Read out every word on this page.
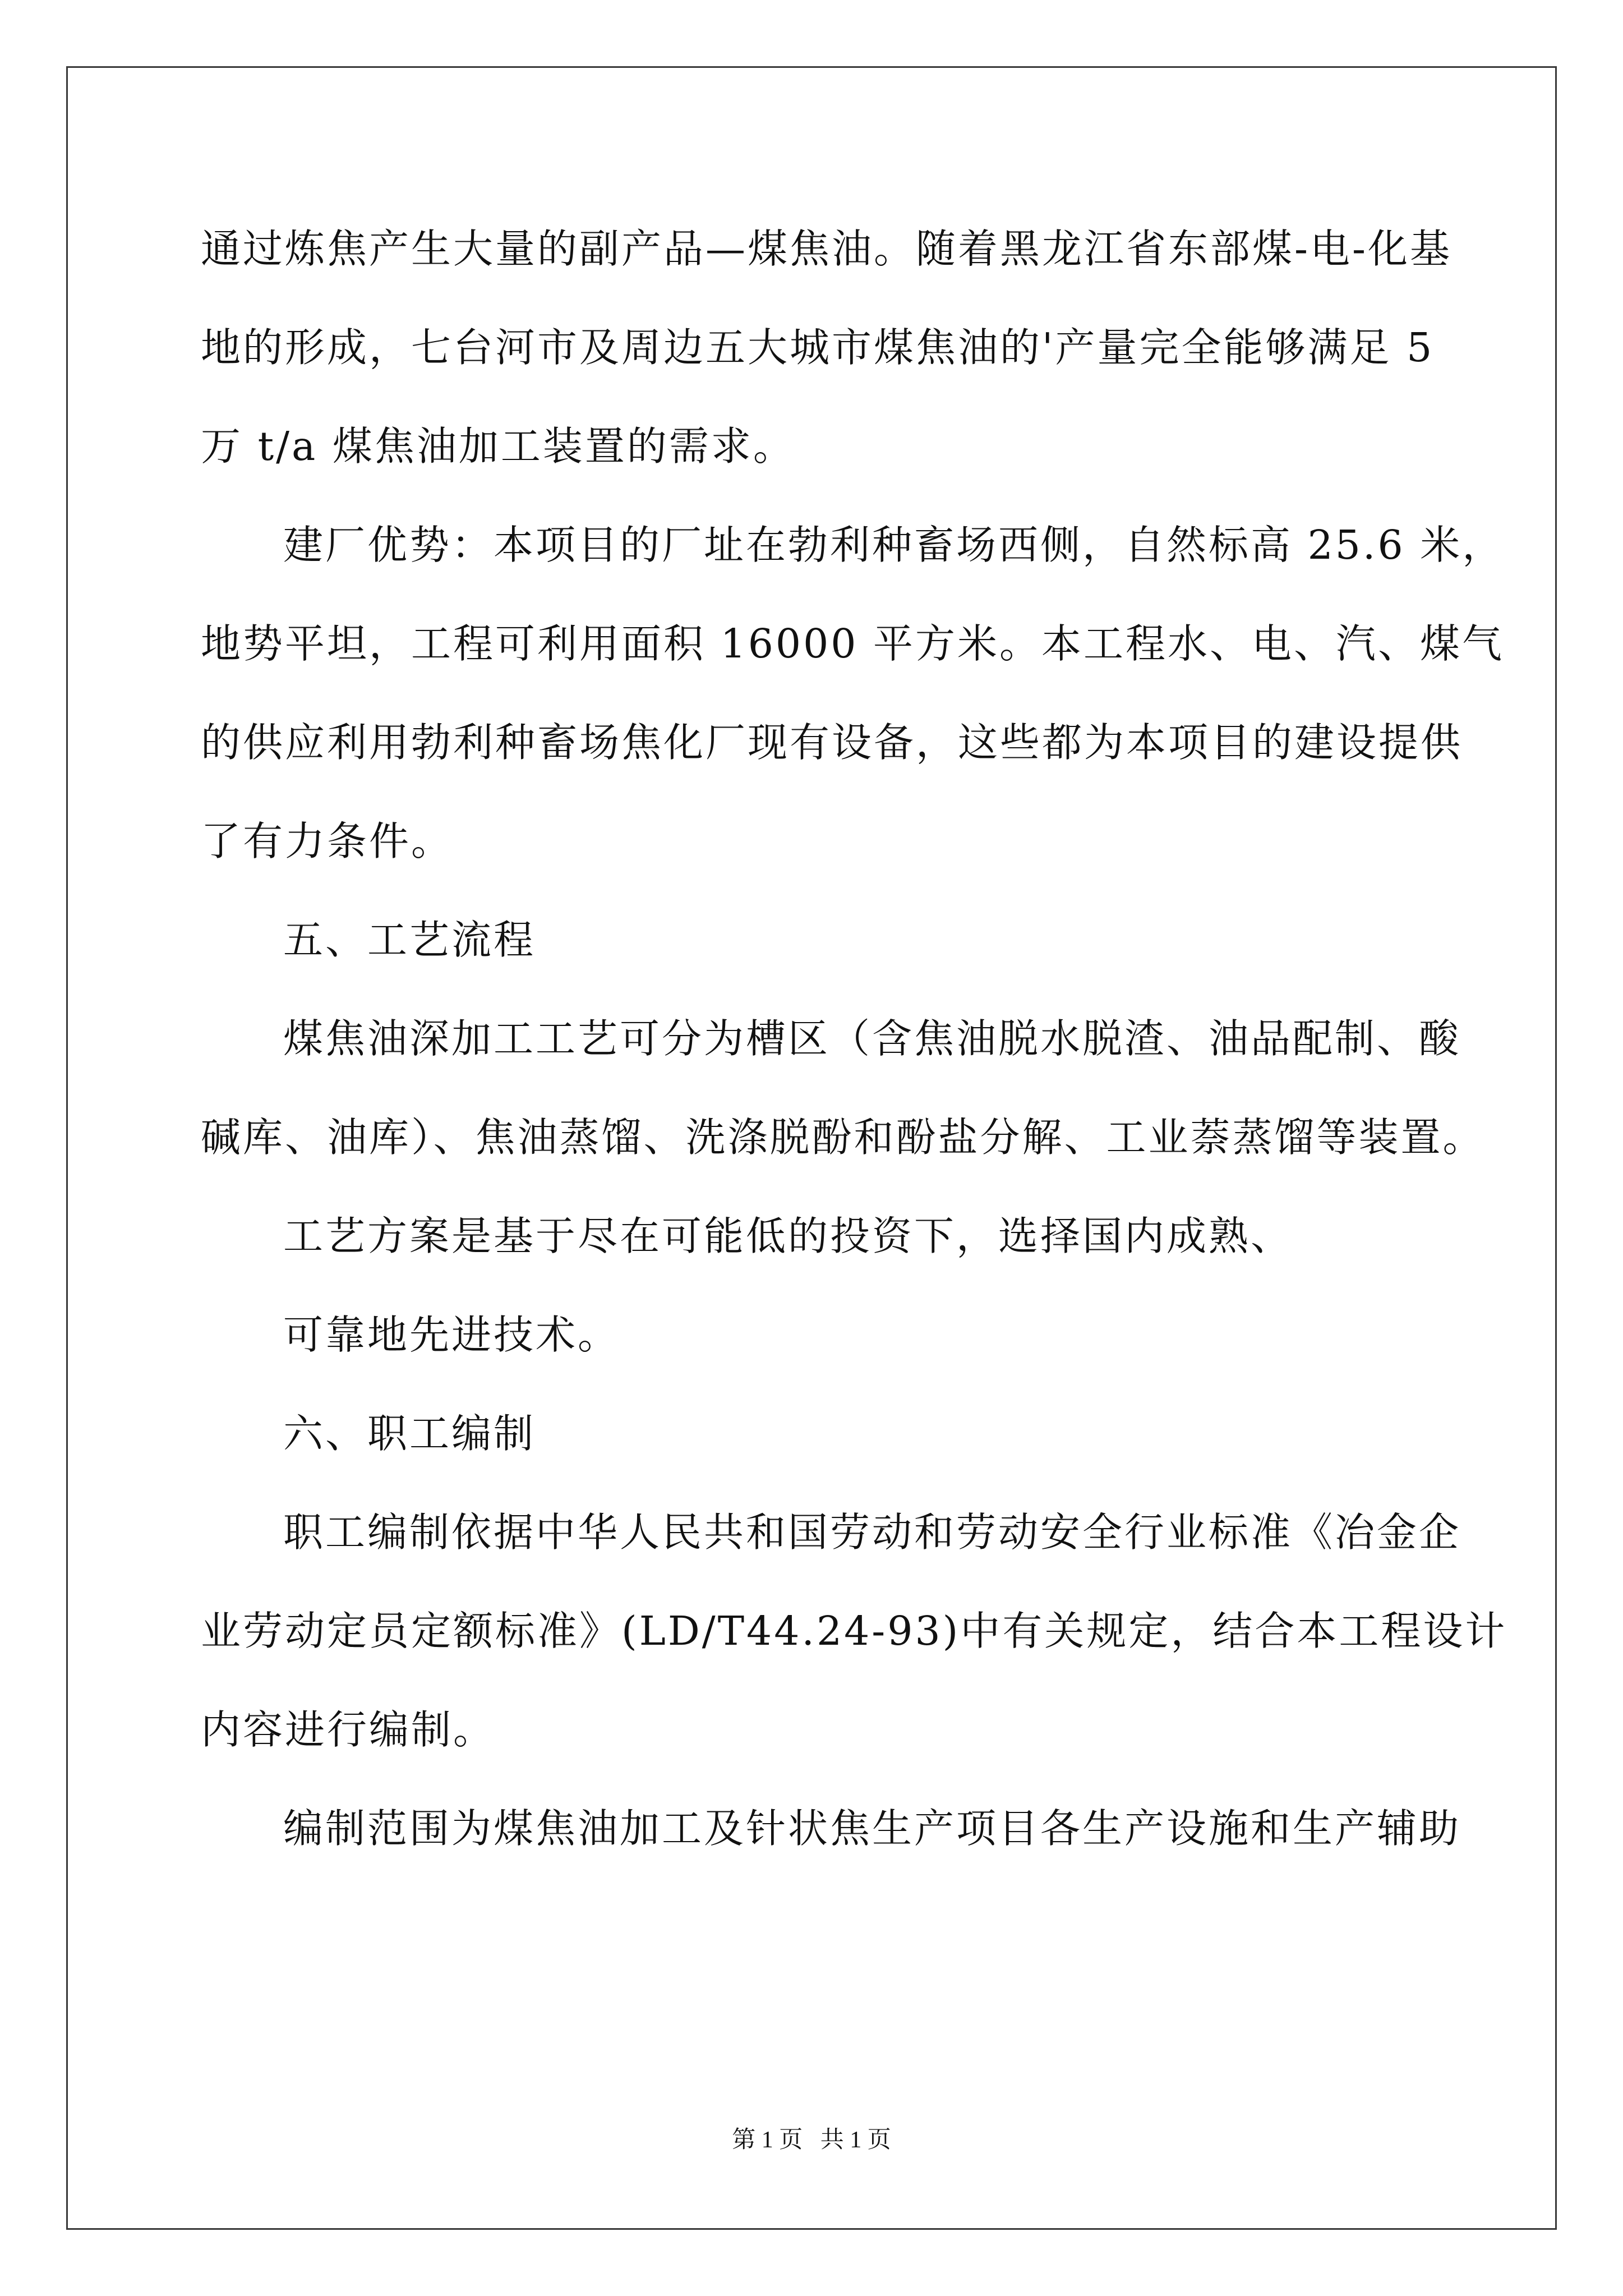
通过炼焦产生大量的副产品—煤焦油。随着黑龙江省东部煤-电-化基
地的形成，七台河市及周边五大城市煤焦油的'产量完全能够满足 5
万 t/a 煤焦油加工装置的需求。
建厂优势：本项目的厂址在勃利种畜场西侧，自然标高 25.6 米，
地势平坦，工程可利用面积 16000 平方米。本工程水、电、汽、煤气
的供应利用勃利种畜场焦化厂现有设备，这些都为本项目的建设提供
了有力条件。
五、工艺流程
煤焦油深加工工艺可分为槽区（含焦油脱水脱渣、油品配制、酸
碱库、油库）、焦油蒸馏、洗涤脱酚和酚盐分解、工业萘蒸馏等装置。
工艺方案是基于尽在可能低的投资下，选择国内成熟、
可靠地先进技术。
六、职工编制
职工编制依据中华人民共和国劳动和劳动安全行业标准《冶金企
业劳动定员定额标准》(LD/T44.24-93)中有关规定，结合本工程设计
内容进行编制。
编制范围为煤焦油加工及针状焦生产项目各生产设施和生产辅助
第 1 页   共 1 页
